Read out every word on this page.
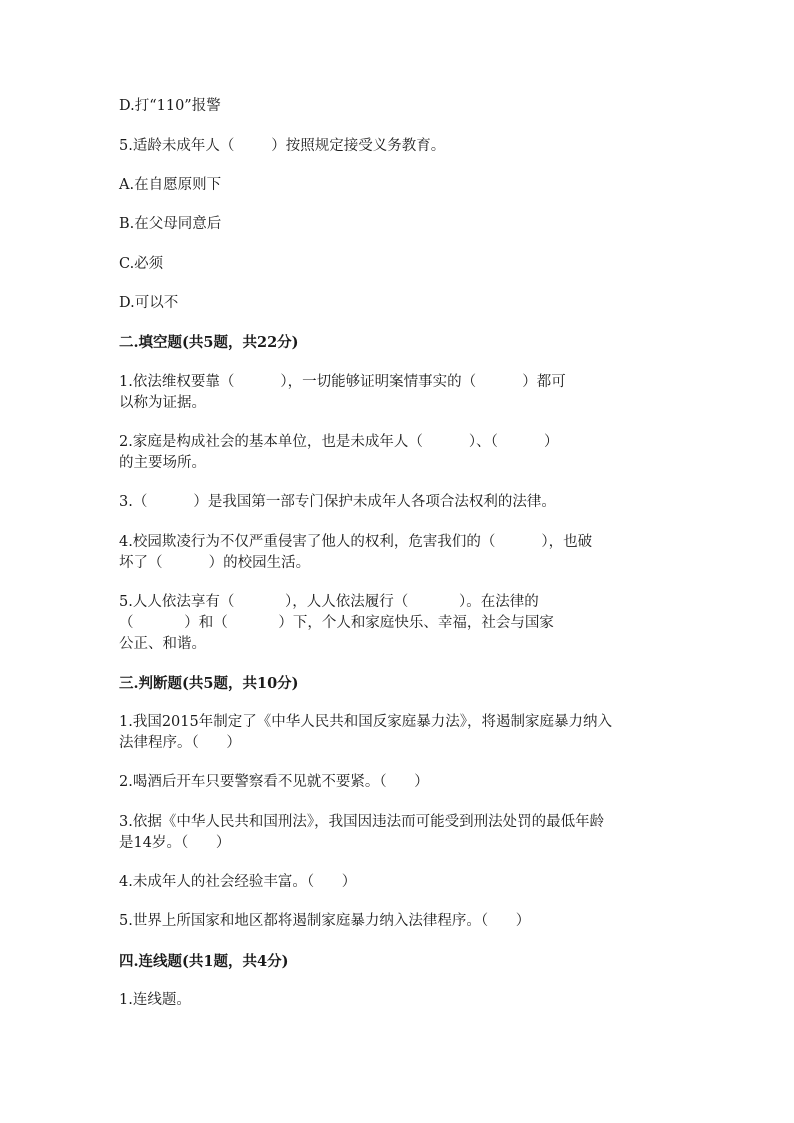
D.打“110”报警
5.适龄未成年人（        ）按照规定接受义务教育。
A.在自愿原则下
B.在父母同意后
C.必须
D.可以不
二.填空题(共5题，共22分)
1.依法维权要靠（          ），一切能够证明案情事实的（          ）都可
以称为证据。
2.家庭是构成社会的基本单位，也是未成年人（          ）、（          ）
的主要场所。
3.（          ）是我国第一部专门保护未成年人各项合法权利的法律。
4.校园欺凌行为不仅严重侵害了他人的权利，危害我们的（          ），也破
坏了（          ）的校园生活。
5.人人依法享有（           ），人人依法履行（           ）。在法律的
（           ）和（           ）下，个人和家庭快乐、幸福，社会与国家
公正、和谐。
三.判断题(共5题，共10分)
1.我国2015年制定了《中华人民共和国反家庭暴力法》，将遏制家庭暴力纳入
法律程序。（      ）
2.喝酒后开车只要警察看不见就不要紧。（      ）
3.依据《中华人民共和国刑法》，我国因违法而可能受到刑法处罚的最低年龄
是14岁。（      ）
4.未成年人的社会经验丰富。（      ）
5.世界上所国家和地区都将遏制家庭暴力纳入法律程序。（      ）
四.连线题(共1题，共4分)
1.连线题。
